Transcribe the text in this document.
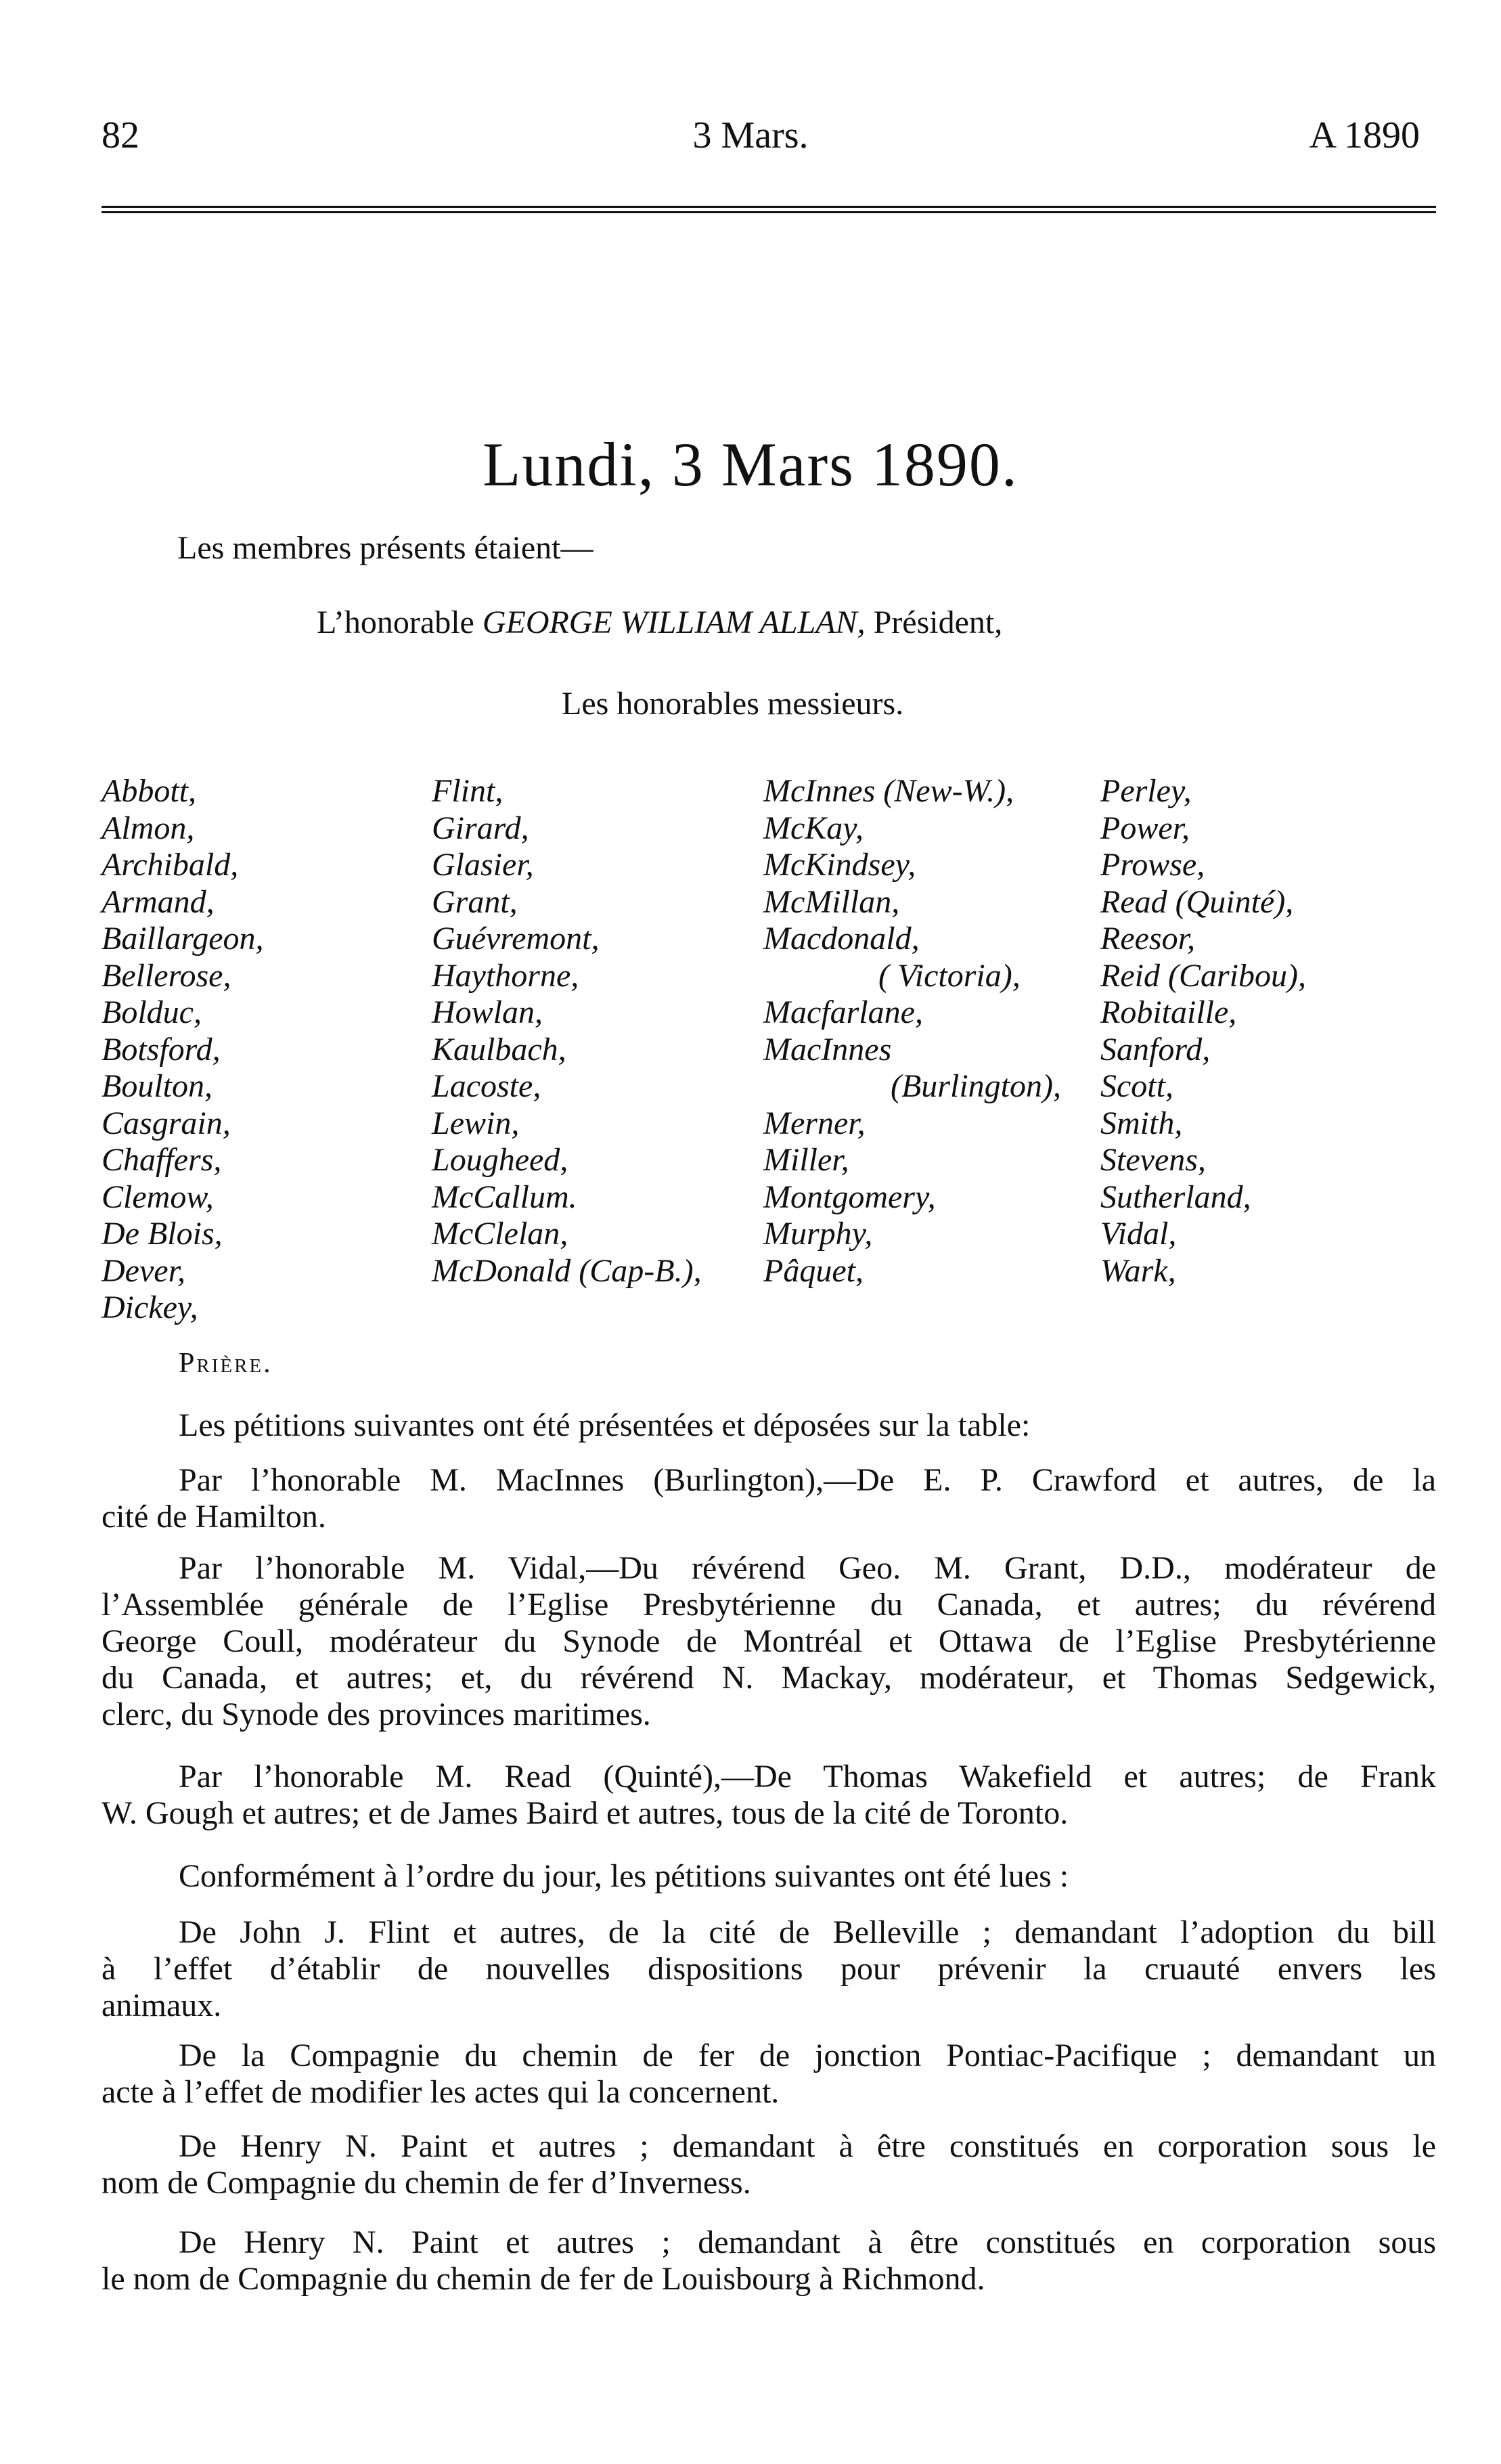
82	3 Mars.	A 1890
Lundi, 3 Mars 1890.
Les membres présents étaient—
L’honorable GEORGE WILLIAM ALLAN, Président,
Les honorables messieurs.
Abbott,
Almon,
Archibald,
Armand,
Baillargeon,
Bellerose,
Bolduc,
Botsford,
Boulton,
Casgrain,
Chaffers,
Clemow,
De Blois,
Dever,
Dickey,
Flint,
Girard,
Glasier,
Grant,
Guévremont,
Haythorne,
Howlan,
Kaulbach,
Lacoste,
Lewin,
Lougheed,
McCallum.
McClelan,
McDonald (Cap-B.),
McInnes (New-W.),
McKay,
McKindsey,
McMillan,
Macdonald,
( Victoria),
Macfarlane,
MacInnes
(Burlington),
Merner,
Miller,
Montgomery,
Murphy,
Pâquet,
Perley,
Power,
Prowse,
Read (Quinté),
Reesor,
Reid (Caribou),
Robitaille,
Sanford,
Scott,
Smith,
Stevens,
Sutherland,
Vidal,
Wark,
Prière.
Les pétitions suivantes ont été présentées et déposées sur la table:
Par l’honorable M. MacInnes (Burlington),—De E. P. Crawford et autres, de la
cité de Hamilton.
Par l’honorable M. Vidal,—Du révérend Geo. M. Grant, D.D., modérateur de
l’Assemblée générale de l’Eglise Presbytérienne du Canada, et autres; du révérend
George Coull, modérateur du Synode de Montréal et Ottawa de l’Eglise Presbytérienne
du Canada, et autres; et, du révérend N. Mackay, modérateur, et Thomas Sedgewick,
clerc, du Synode des provinces maritimes.
Par l’honorable M. Read (Quinté),—De Thomas Wakefield et autres; de Frank
W. Gough et autres; et de James Baird et autres, tous de la cité de Toronto.
Conformément à l’ordre du jour, les pétitions suivantes ont été lues :
De John J. Flint et autres, de la cité de Belleville ; demandant l’adoption du bill
à l’effet d’établir de nouvelles dispositions pour prévenir la cruauté envers les
animaux.
De la Compagnie du chemin de fer de jonction Pontiac-Pacifique ; demandant un
acte à l’effet de modifier les actes qui la concernent.
De Henry N. Paint et autres ; demandant à être constitués en corporation sous le
nom de Compagnie du chemin de fer d’Inverness.
De Henry N. Paint et autres ; demandant à être constitués en corporation sous
le nom de Compagnie du chemin de fer de Louisbourg à Richmond.
